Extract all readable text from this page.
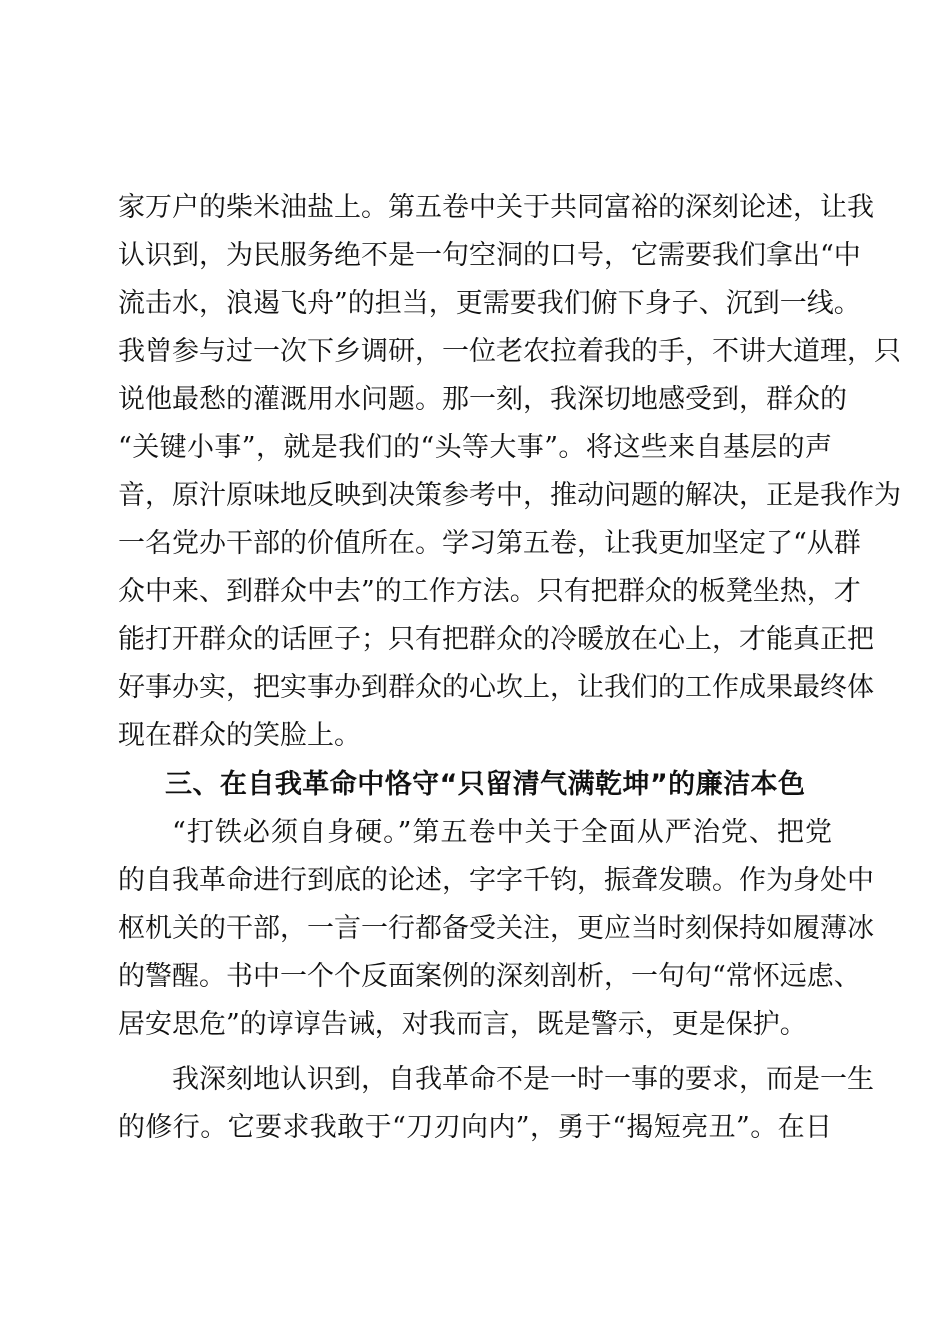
家万户的柴米油盐上。第五卷中关于共同富裕的深刻论述，让我
认识到，为民服务绝不是一句空洞的口号，它需要我们拿出“中
流击水，浪遏飞舟”的担当，更需要我们俯下身子、沉到一线。
我曾参与过一次下乡调研，一位老农拉着我的手，不讲大道理，只
说他最愁的灌溉用水问题。那一刻，我深切地感受到，群众的
“关键小事”，就是我们的“头等大事”。将这些来自基层的声
音，原汁原味地反映到决策参考中，推动问题的解决，正是我作为
一名党办干部的价值所在。学习第五卷，让我更加坚定了“从群
众中来、到群众中去”的工作方法。只有把群众的板凳坐热，才
能打开群众的话匣子；只有把群众的冷暖放在心上，才能真正把
好事办实，把实事办到群众的心坎上，让我们的工作成果最终体
现在群众的笑脸上。
三、在自我革命中恪守“只留清气满乾坤”的廉洁本色
“打铁必须自身硬。”第五卷中关于全面从严治党、把党
的自我革命进行到底的论述，字字千钧，振聋发聩。作为身处中
枢机关的干部，一言一行都备受关注，更应当时刻保持如履薄冰
的警醒。书中一个个反面案例的深刻剖析，一句句“常怀远虑、
居安思危”的谆谆告诫，对我而言，既是警示，更是保护。
我深刻地认识到，自我革命不是一时一事的要求，而是一生
的修行。它要求我敢于“刀刃向内”，勇于“揭短亮丑”。在日
